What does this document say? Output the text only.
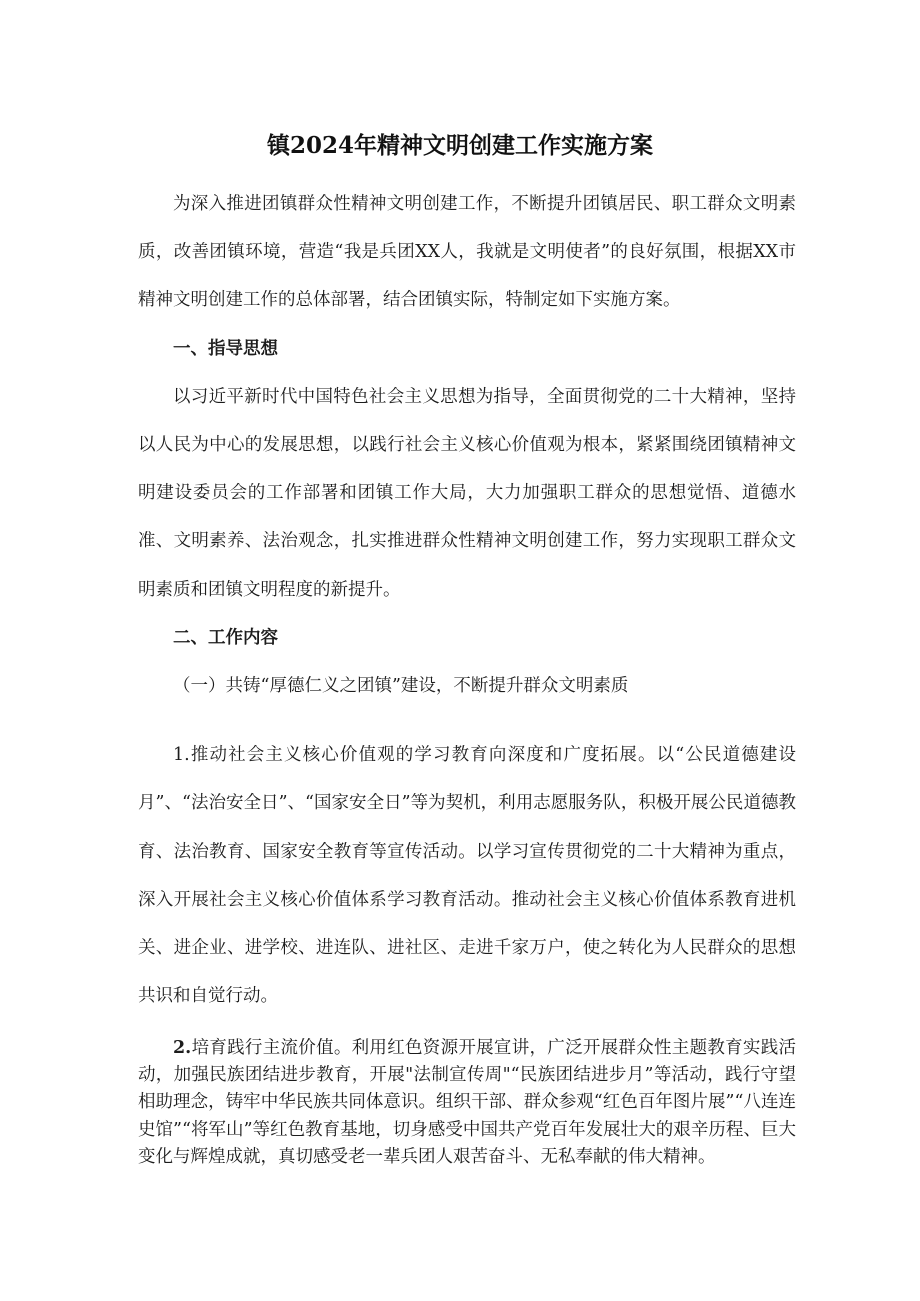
镇2024年精神文明创建工作实施方案

为深入推进团镇群众性精神文明创建工作，不断提升团镇居民、职工群众文明素质，改善团镇环境，营造“我是兵团XX人，我就是文明使者”的良好氛围，根据XX市精神文明创建工作的总体部署，结合团镇实际，特制定如下实施方案。

一、指导思想

以习近平新时代中国特色社会主义思想为指导，全面贯彻党的二十大精神，坚持以人民为中心的发展思想，以践行社会主义核心价值观为根本，紧紧围绕团镇精神文明建设委员会的工作部署和团镇工作大局，大力加强职工群众的思想觉悟、道德水准、文明素养、法治观念，扎实推进群众性精神文明创建工作，努力实现职工群众文明素质和团镇文明程度的新提升。

二、工作内容

（一）共铸“厚德仁义之团镇”建设，不断提升群众文明素质

1.推动社会主义核心价值观的学习教育向深度和广度拓展。以“公民道德建设月”、“法治安全日”、“国家安全日”等为契机，利用志愿服务队，积极开展公民道德教育、法治教育、国家安全教育等宣传活动。以学习宣传贯彻党的二十大精神为重点，深入开展社会主义核心价值体系学习教育活动。推动社会主义核心价值体系教育进机关、进企业、进学校、进连队、进社区、走进千家万户，使之转化为人民群众的思想共识和自觉行动。

2.培育践行主流价值。利用红色资源开展宣讲，广泛开展群众性主题教育实践活动，加强民族团结进步教育，开展"法制宣传周"“民族团结进步月”等活动，践行守望相助理念，铸牢中华民族共同体意识。组织干部、群众参观“红色百年图片展”“八连连史馆”“将军山”等红色教育基地，切身感受中国共产党百年发展壮大的艰辛历程、巨大变化与辉煌成就，真切感受老一辈兵团人艰苦奋斗、无私奉献的伟大精神。
